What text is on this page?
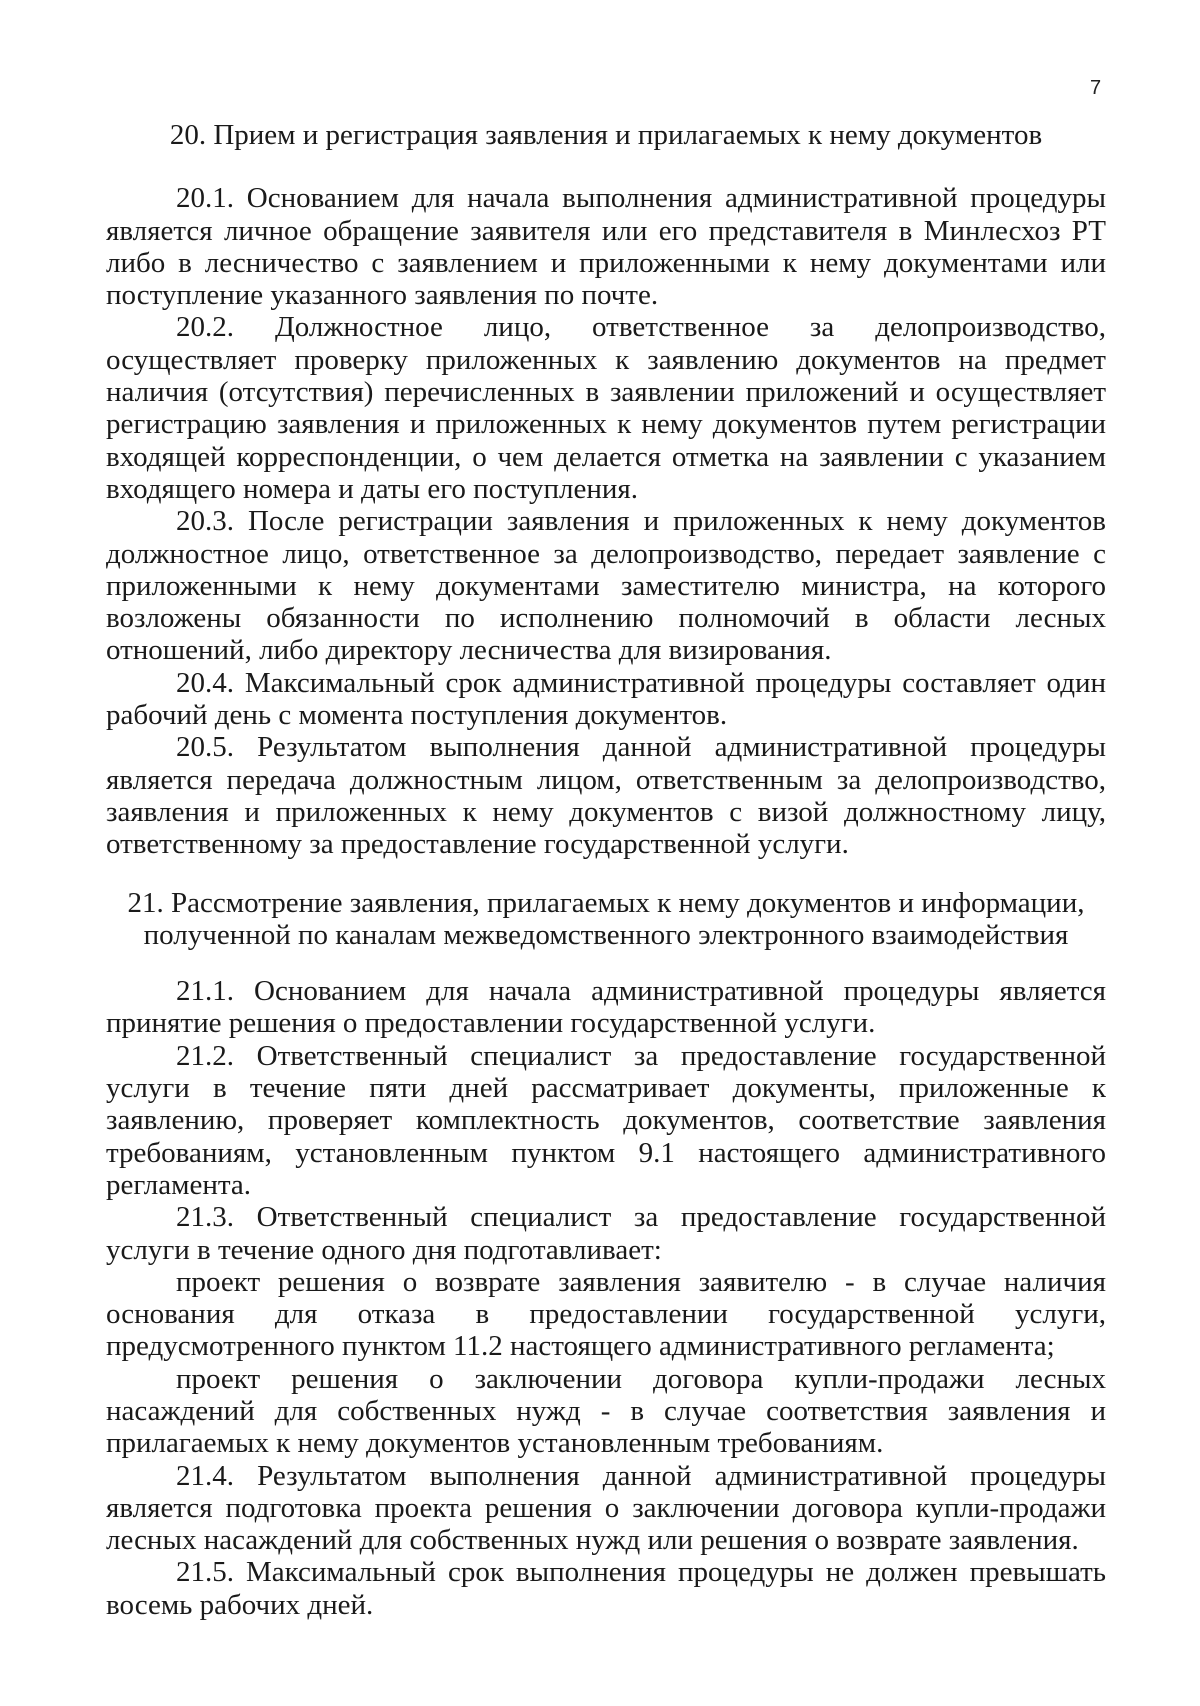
7

20. Прием и регистрация заявления и прилагаемых к нему документов

20.1. Основанием для начала выполнения административной процедуры является личное обращение заявителя или его представителя в Минлесхоз РТ либо в лесничество с заявлением и приложенными к нему документами или поступление указанного заявления по почте.

20.2. Должностное лицо, ответственное за делопроизводство, осуществляет проверку приложенных к заявлению документов на предмет наличия (отсутствия) перечисленных в заявлении приложений и осуществляет регистрацию заявления и приложенных к нему документов путем регистрации входящей корреспонденции, о чем делается отметка на заявлении с указанием входящего номера и даты его поступления.

20.3. После регистрации заявления и приложенных к нему документов должностное лицо, ответственное за делопроизводство, передает заявление с приложенными к нему документами заместителю министра, на которого возложены обязанности по исполнению полномочий в области лесных отношений, либо директору лесничества для визирования.

20.4. Максимальный срок административной процедуры составляет один рабочий день с момента поступления документов.

20.5. Результатом выполнения данной административной процедуры является передача должностным лицом, ответственным за делопроизводство, заявления и приложенных к нему документов с визой должностному лицу, ответственному за предоставление государственной услуги.

21. Рассмотрение заявления, прилагаемых к нему документов и информации,

полученной по каналам межведомственного электронного взаимодействия

21.1. Основанием для начала административной процедуры является принятие решения о предоставлении государственной услуги.

21.2. Ответственный специалист за предоставление государственной услуги в течение пяти дней рассматривает документы, приложенные к заявлению, проверяет комплектность документов, соответствие заявления требованиям, установленным пунктом 9.1 настоящего административного регламента.

21.3. Ответственный специалист за предоставление государственной услуги в течение одного дня подготавливает:

проект решения о возврате заявления заявителю - в случае наличия основания для отказа в предоставлении государственной услуги, предусмотренного пунктом 11.2 настоящего административного регламента;

проект решения о заключении договора купли-продажи лесных насаждений для собственных нужд - в случае соответствия заявления и прилагаемых к нему документов установленным требованиям.

21.4. Результатом выполнения данной административной процедуры является подготовка проекта решения о заключении договора купли-продажи лесных насаждений для собственных нужд или решения о возврате заявления.

21.5. Максимальный срок выполнения процедуры не должен превышать восемь рабочих дней.
